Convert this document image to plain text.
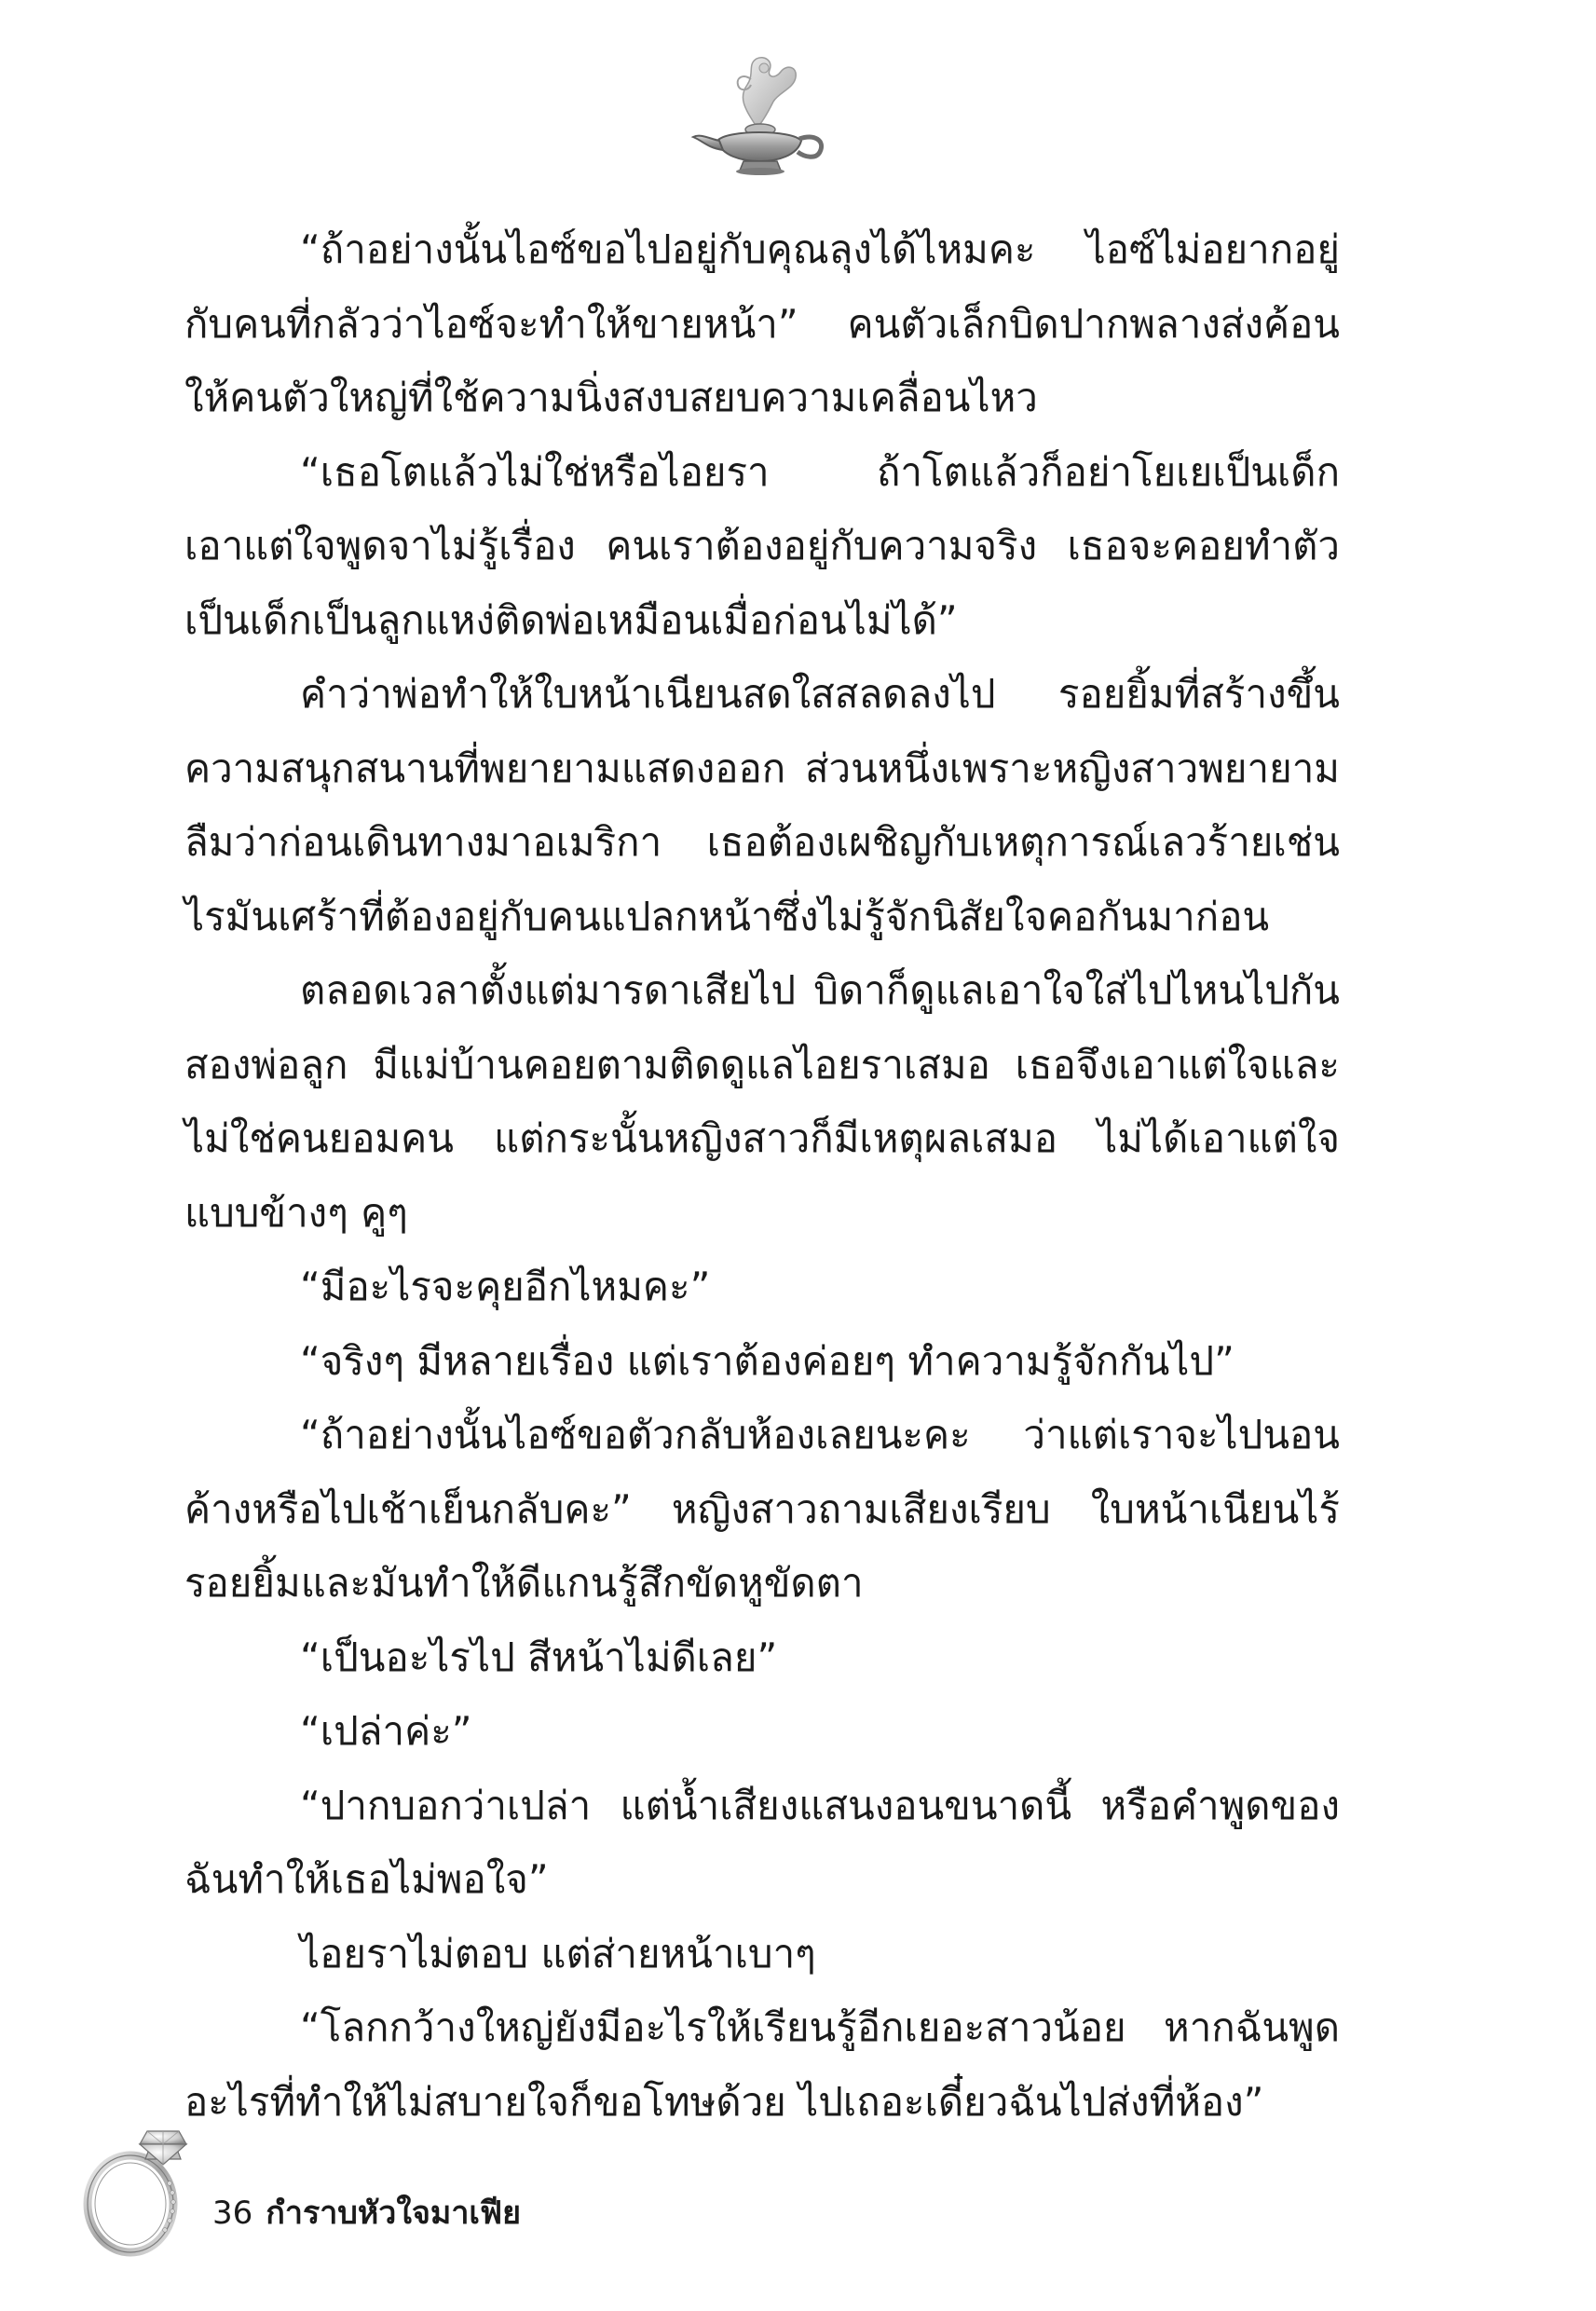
“ถ้าอย่างนั้นไอซ์ขอไปอยู่กับคุณลุงได้ไหมคะ ไอซ์ไม่อยากอยู่กับคนที่กลัวว่าไอซ์จะทำให้ขายหน้า” คนตัวเล็กบิดปากพลางส่งค้อนให้คนตัวใหญ่ที่ใช้ความนิ่งสงบสยบความเคลื่อนไหว

“เธอโตแล้วไม่ใช่หรือไอยรา ถ้าโตแล้วก็อย่าโยเยเป็นเด็กเอาแต่ใจพูดจาไม่รู้เรื่อง คนเราต้องอยู่กับความจริง เธอจะคอยทำตัวเป็นเด็กเป็นลูกแหง่ติดพ่อเหมือนเมื่อก่อนไม่ได้”

คำว่าพ่อทำให้ใบหน้าเนียนสดใสสลดลงไป รอยยิ้มที่สร้างขึ้นความสนุกสนานที่พยายามแสดงออก ส่วนหนึ่งเพราะหญิงสาวพยายามลืมว่าก่อนเดินทางมาอเมริกา เธอต้องเผชิญกับเหตุการณ์เลวร้ายเช่นไรมันเศร้าที่ต้องอยู่กับคนแปลกหน้าซึ่งไม่รู้จักนิสัยใจคอกันมาก่อน

ตลอดเวลาตั้งแต่มารดาเสียไป บิดาก็ดูแลเอาใจใส่ไปไหนไปกันสองพ่อลูก มีแม่บ้านคอยตามติดดูแลไอยราเสมอ เธอจึงเอาแต่ใจและไม่ใช่คนยอมคน แต่กระนั้นหญิงสาวก็มีเหตุผลเสมอ ไม่ได้เอาแต่ใจแบบข้างๆ คูๆ

“มีอะไรจะคุยอีกไหมคะ”

“จริงๆ มีหลายเรื่อง แต่เราต้องค่อยๆ ทำความรู้จักกันไป”

“ถ้าอย่างนั้นไอซ์ขอตัวกลับห้องเลยนะคะ ว่าแต่เราจะไปนอนค้างหรือไปเช้าเย็นกลับคะ” หญิงสาวถามเสียงเรียบ ใบหน้าเนียนไร้รอยยิ้มและมันทำให้ดีแกนรู้สึกขัดหูขัดตา

“เป็นอะไรไป สีหน้าไม่ดีเลย”

“เปล่าค่ะ”

“ปากบอกว่าเปล่า แต่น้ำเสียงแสนงอนขนาดนี้ หรือคำพูดของฉันทำให้เธอไม่พอใจ”

ไอยราไม่ตอบ แต่ส่ายหน้าเบาๆ

“โลกกว้างใหญ่ยังมีอะไรให้เรียนรู้อีกเยอะสาวน้อย หากฉันพูดอะไรที่ทำให้ไม่สบายใจก็ขอโทษด้วย ไปเถอะเดี๋ยวฉันไปส่งที่ห้อง”

36 กำราบหัวใจมาเฟีย
